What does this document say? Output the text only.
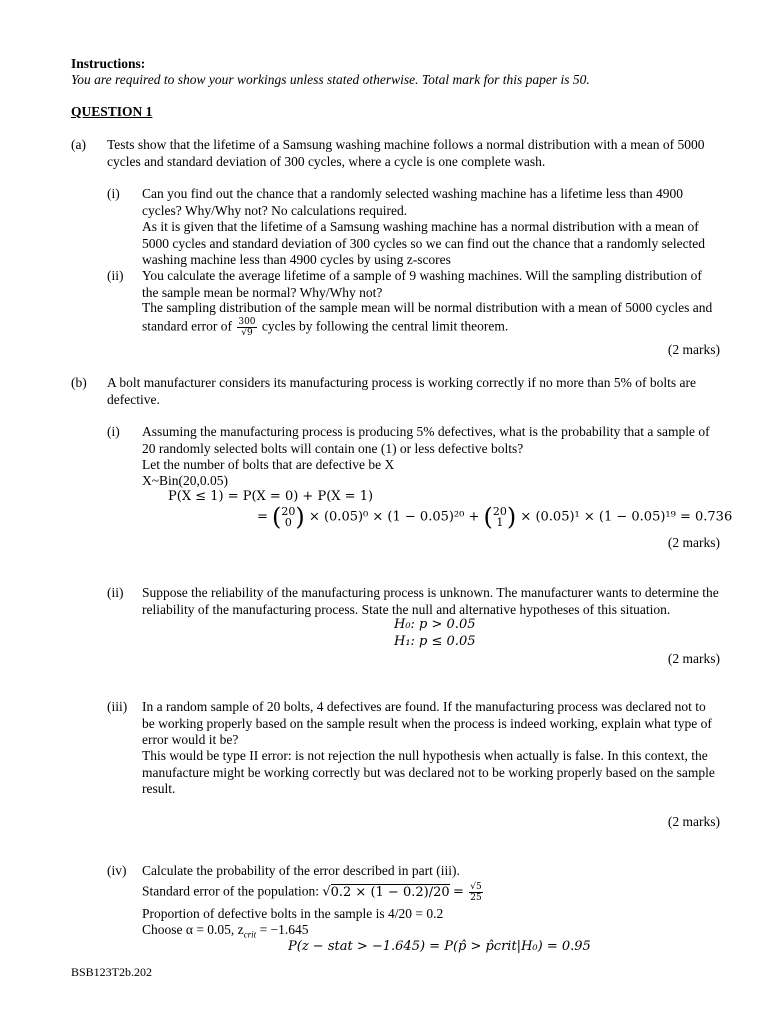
Instructions:
You are required to show your workings unless stated otherwise. Total mark for this paper is 50.
QUESTION 1
(a) Tests show that the lifetime of a Samsung washing machine follows a normal distribution with a mean of 5000 cycles and standard deviation of 300 cycles, where a cycle is one complete wash.
(i) Can you find out the chance that a randomly selected washing machine has a lifetime less than 4900 cycles? Why/Why not? No calculations required.
As it is given that the lifetime of a Samsung washing machine has a normal distribution with a mean of 5000 cycles and standard deviation of 300 cycles so we can find out the chance that a randomly selected washing machine less than 4900 cycles by using z-scores
(ii) You calculate the average lifetime of a sample of 9 washing machines. Will the sampling distribution of the sample mean be normal? Why/Why not?
The sampling distribution of the sample mean will be normal distribution with a mean of 5000 cycles and
standard error of $\frac{300}{√9}$ cycles by following the central limit theorem.
(2 marks)
(b) A bolt manufacturer considers its manufacturing process is working correctly if no more than 5% of bolts are defective.
(i) Assuming the manufacturing process is producing 5% defectives, what is the probability that a sample of 20 randomly selected bolts will contain one (1) or less defective bolts?
Let the number of bolts that are defective be X
X~Bin(20,0.05)
P(X ≤ 1) = P(X = 0) + P(X = 1)
= ( 20
0 ) × (0.05)⁰ × (1 − 0.05)²⁰ + ( 20
1 ) × (0.05)¹ × (1 − 0.05)¹⁹ = 0.736
(2 marks)
(ii) Suppose the reliability of the manufacturing process is unknown. The manufacturer wants to determine the reliability of the manufacturing process. State the null and alternative hypotheses of this situation.
H₀: p > 0.05
H₁: p ≤ 0.05
(2 marks)
(iii) In a random sample of 20 bolts, 4 defectives are found. If the manufacturing process was declared not to be working properly based on the sample result when the process is indeed working, explain what type of error would it be?
This would be type II error: is not rejection the null hypothesis when actually is false. In this context, the manufacture might be working correctly but was declared not to be working properly based on the sample result.
(2 marks)
(iv) Calculate the probability of the error described in part (iii).
Standard error of the population: $√0.2 \times (1 - 0.2)/20 = \frac{√5}{25}$
Proportion of defective bolts in the sample is 4/20 = 0.2
Choose α = 0.05, $z_{crit} = -1.645$
P(z − stat > −1.645) = P(p̂ > p̂crit|H₀) = 0.95
BSB123T2b.202
